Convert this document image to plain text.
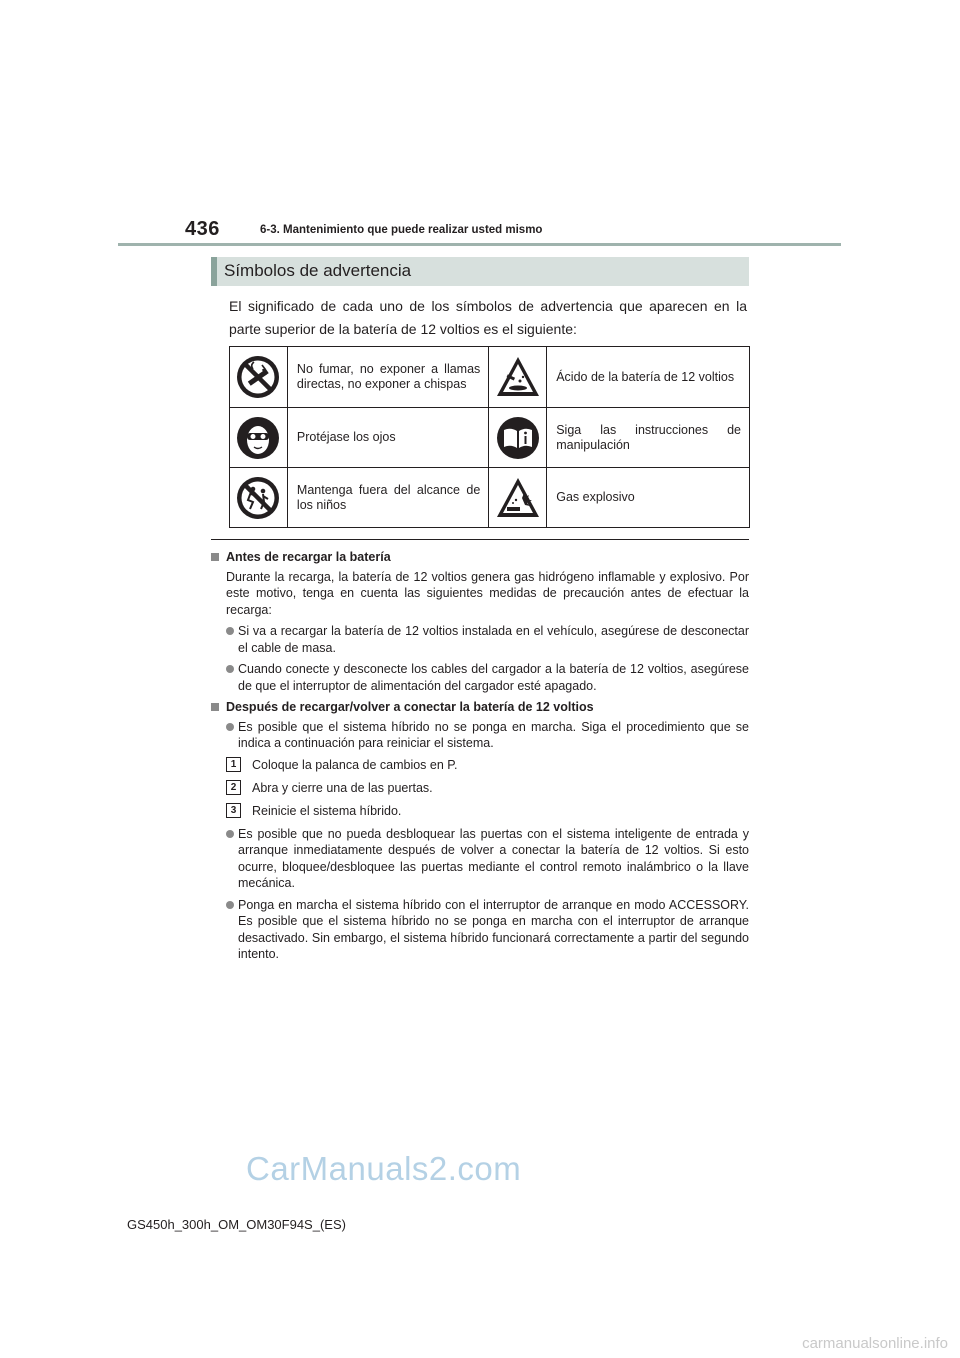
436	6-3. Mantenimiento que puede realizar usted mismo
Símbolos de advertencia
El significado de cada uno de los símbolos de advertencia que aparecen en la parte superior de la batería de 12 voltios es el siguiente:
	No fumar, no exponer a llamas directas, no exponer a chispas		Ácido de la batería de 12 voltios

	Protéjase los ojos		Siga las instrucciones de manipulación

	Mantenga fuera del alcance de los niños		Gas explosivo
Antes de recargar la batería
Durante la recarga, la batería de 12 voltios genera gas hidrógeno inflamable y explosivo. Por este motivo, tenga en cuenta las siguientes medidas de precaución antes de efectuar la recarga:
Si va a recargar la batería de 12 voltios instalada en el vehículo, asegúrese de desconectar el cable de masa.
Cuando conecte y desconecte los cables del cargador a la batería de 12 voltios, asegúrese de que el interruptor de alimentación del cargador esté apagado.
Después de recargar/volver a conectar la batería de 12 voltios
Es posible que el sistema híbrido no se ponga en marcha. Siga el procedimiento que se indica a continuación para reiniciar el sistema.
1	Coloque la palanca de cambios en P.
2	Abra y cierre una de las puertas.
3	Reinicie el sistema híbrido.
Es posible que no pueda desbloquear las puertas con el sistema inteligente de entrada y arranque inmediatamente después de volver a conectar la batería de 12 voltios. Si esto ocurre, bloquee/desbloquee las puertas mediante el control remoto inalámbrico o la llave mecánica.
Ponga en marcha el sistema híbrido con el interruptor de arranque en modo ACCESSORY. Es posible que el sistema híbrido no se ponga en marcha con el interruptor de arranque desactivado. Sin embargo, el sistema híbrido funcionará correctamente a partir del segundo intento.
CarManuals2.com
GS450h_300h_OM_OM30F94S_(ES)
carmanualsonline.info
